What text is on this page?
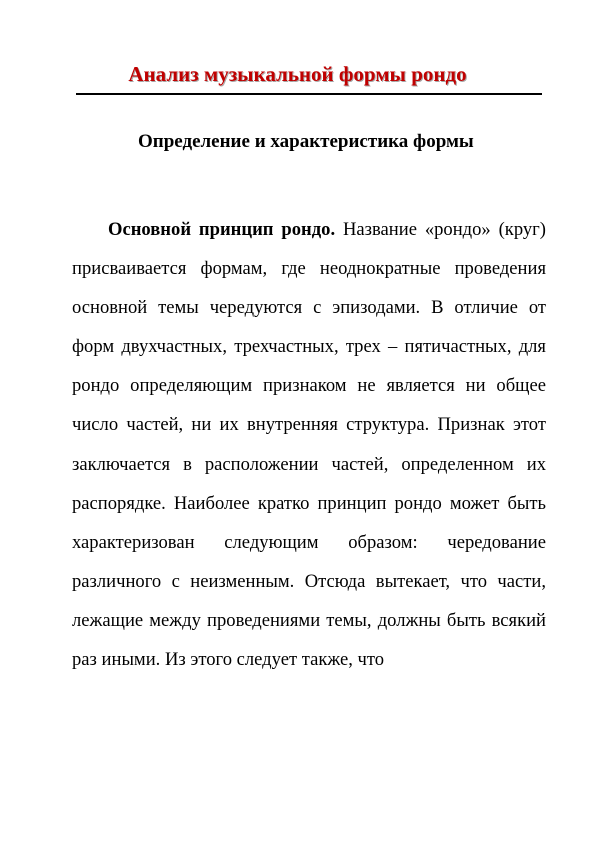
Анализ музыкальной формы рондо
Определение и характеристика формы

Основной принцип рондо. Название «рондо» (круг) присваивается формам, где неоднократные проведения основной темы чередуются с эпизодами. В отличие от форм двухчастных, трехчастных, трех – пятичастных, для рондо определяющим признаком не является ни общее число частей, ни их внутренняя структура. Признак этот заключается в расположении частей, определенном их распорядке. Наиболее кратко принцип рондо может быть характеризован следующим образом: чередование различного с неизменным. Отсюда вытекает, что части, лежащие между проведениями темы, должны быть всякий раз иными. Из этого следует также, что
